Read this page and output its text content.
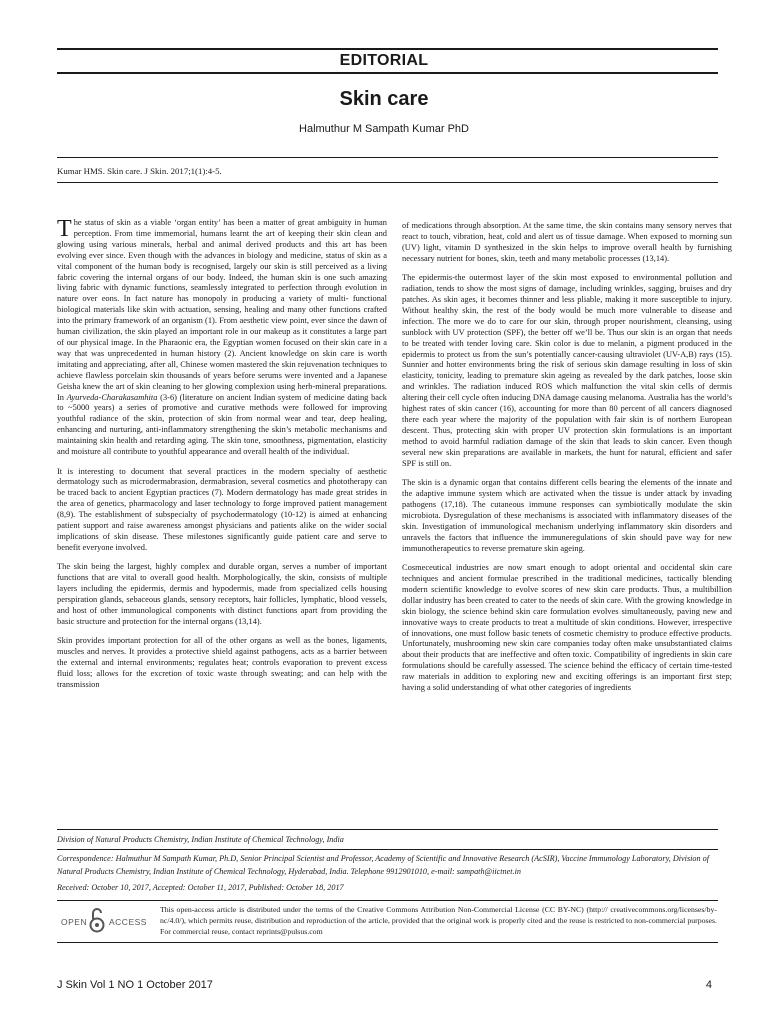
EDITORIAL
Skin care
Halmuthur M Sampath Kumar PhD
Kumar HMS. Skin care. J Skin. 2017;1(1):4-5.

The status of skin as a viable ‘organ entity’ has been a matter of great ambiguity in human perception. From time immemorial, humans learnt the art of keeping their skin clean and glowing using various minerals, herbal and animal derived products and this art has been evolving ever since. Even though with the advances in biology and medicine, status of skin as a vital component of the human body is recognised, largely our skin is still perceived as a living fabric covering the internal organs of our body. Indeed, the human skin is one such amazing living fabric with dynamic functions, seamlessly integrated to perfection through evolution in nature over eons. In fact nature has monopoly in producing a variety of multi- functional biological materials like skin with actuation, sensing, healing and many other functions crafted into the primary framework of an organism (1). From aesthetic view point, ever since the dawn of human civilization, the skin played an important role in our makeup as it constitutes a large part of our physical image. In the Pharaonic era, the Egyptian women focused on their skin care in a way that was unprecedented in human history (2). Ancient knowledge on skin care is worth imitating and appreciating, after all, Chinese women mastered the skin rejuvenation techniques to achieve flawless porcelain skin thousands of years before serums were invented and a Japanese Geisha knew the art of skin cleaning to her glowing complexion using herb-mineral preparations. In Ayurveda-Charakasamhita (3-6) (literature on ancient Indian system of medicine dating back to ~5000 years) a series of promotive and curative methods were followed for improving youthful radiance of the skin, protection of skin from normal wear and tear, deep healing, enhancing and nurturing, anti-inflammatory strengthening the skin’s metabolic mechanisms and maintaining skin health and retarding aging. The skin tone, smoothness, pigmentation, elasticity and moisture all contribute to youthful appearance and overall health of the individual.

It is interesting to document that several practices in the modern specialty of aesthetic dermatology such as microdermabrasion, dermabrasion, several cosmetics and phototherapy can be traced back to ancient Egyptian practices (7). Modern dermatology has made great strides in the area of genetics, pharmacology and laser technology to forge improved patient management (8,9). The establishment of subspecialty of psychodermatology (10-12) is aimed at enhancing patient support and raise awareness amongst physicians and patients alike on the wider social implications of skin disease. These milestones significantly guide patient care and serve to benefit everyone involved.

The skin being the largest, highly complex and durable organ, serves a number of important functions that are vital to overall good health. Morphologically, the skin, consists of multiple layers including the epidermis, dermis and hypodermis, made from specialized cells housing perspiration glands, sebaceous glands, sensory receptors, hair follicles, lymphatic, blood vessels, and host of other immunological components with distinct functions apart from providing the basic structure and protection for the internal organs (13,14).

Skin provides important protection for all of the other organs as well as the bones, ligaments, muscles and nerves. It provides a protective shield against pathogens, acts as a barrier between the external and internal environments; regulates heat; controls evaporation to prevent excess fluid loss; allows for the excretion of toxic waste through sweating; and can help with the transmission

of medications through absorption. At the same time, the skin contains many sensory nerves that react to touch, vibration, heat, cold and alert us of tissue damage. When exposed to morning sun (UV) light, vitamin D synthesized in the skin helps to improve overall health by furnishing necessary nutrient for bones, skin, teeth and many metabolic processes (13,14).

The epidermis-the outermost layer of the skin most exposed to environmental pollution and radiation, tends to show the most signs of damage, including wrinkles, sagging, bruises and dry patches. As skin ages, it becomes thinner and less pliable, making it more susceptible to injury. Without healthy skin, the rest of the body would be much more vulnerable to disease and infection. The more we do to care for our skin, through proper nourishment, cleansing, using sunblock with UV protection (SPF), the better off we’ll be. Thus our skin is an organ that needs to be treated with tender loving care. Skin color is due to melanin, a pigment produced in the epidermis to protect us from the sun’s potentially cancer-causing ultraviolet (UV-A,B) rays (15). Sunnier and hotter environments bring the risk of serious skin damage resulting in loss of skin elasticity, tonicity, leading to premature skin ageing as revealed by the dark patches, loose skin and wrinkles. The radiation induced ROS which malfunction the vital skin cells of dermis altering their cell cycle often inducing DNA damage causing melanoma. Australia has the world’s highest rates of skin cancer (16), accounting for more than 80 percent of all cancers diagnosed there each year where the majority of the population with fair skin is of northern European descent. Thus, protecting skin with proper UV protection skin formulations is an important method to avoid harmful radiation damage of the skin that leads to skin cancer. Even though several new skin preparations are available in markets, the hunt for natural, efficient and safer SPF is still on.

The skin is a dynamic organ that contains different cells bearing the elements of the innate and the adaptive immune system which are activated when the tissue is under attack by invading pathogens (17,18). The cutaneous immune responses can symbiotically modulate the skin microbiota. Dysregulation of these mechanisms is associated with inflammatory diseases of the skin. Investigation of immunological mechanism underlying inflammatory skin disorders and unravels the factors that influence the immuneregulations of skin should pave way for new immunotherapeutics to reverse premature skin ageing.

Cosmeceutical industries are now smart enough to adopt oriental and occidental skin care techniques and ancient formulae prescribed in the traditional medicines, tactically blending modern scientific knowledge to evolve scores of new skin care products. Thus, a multibillion dollar industry has been created to cater to the needs of skin care. With the growing knowledge in skin biology, the science behind skin care formulation evolves simultaneously, paving new and innovative ways to create products to treat a multitude of skin conditions. However, irrespective of innovations, one must follow basic tenets of cosmetic chemistry to produce effective products. Unfortunately, mushrooming new skin care companies today often make unsubstantiated claims about their products that are ineffective and often toxic. Compatibility of ingredients in skin care formulations should be carefully assessed. The science behind the efficacy of certain time-tested raw materials in addition to exploring new and exciting offerings is an important first step; having a solid understanding of what other categories of ingredients

Division of Natural Products Chemistry, Indian Institute of Chemical Technology, India
Correspondence: Halmuthur M Sampath Kumar, Ph.D, Senior Principal Scientist and Professor, Academy of Scientific and Innovative Research (AcSIR), Vaccine Immunology Laboratory, Division of Natural Products Chemistry, Indian Institute of Chemical Technology, Hyderabad, India. Telephone 9912901010, e-mail: sampath@iictnet.in
Received: October 10, 2017, Accepted: October 11, 2017, Published: October 18, 2017
OPEN	ACCESS
This open-access article is distributed under the terms of the Creative Commons Attribution Non-Commercial License (CC BY-NC) (http:// creativecommons.org/licenses/by-nc/4.0/), which permits reuse, distribution and reproduction of the article, provided that the original work is properly cited and the reuse is restricted to non-commercial purposes. For commercial reuse, contact reprints@pulsus.com
J Skin Vol 1 NO 1 October 2017	4
